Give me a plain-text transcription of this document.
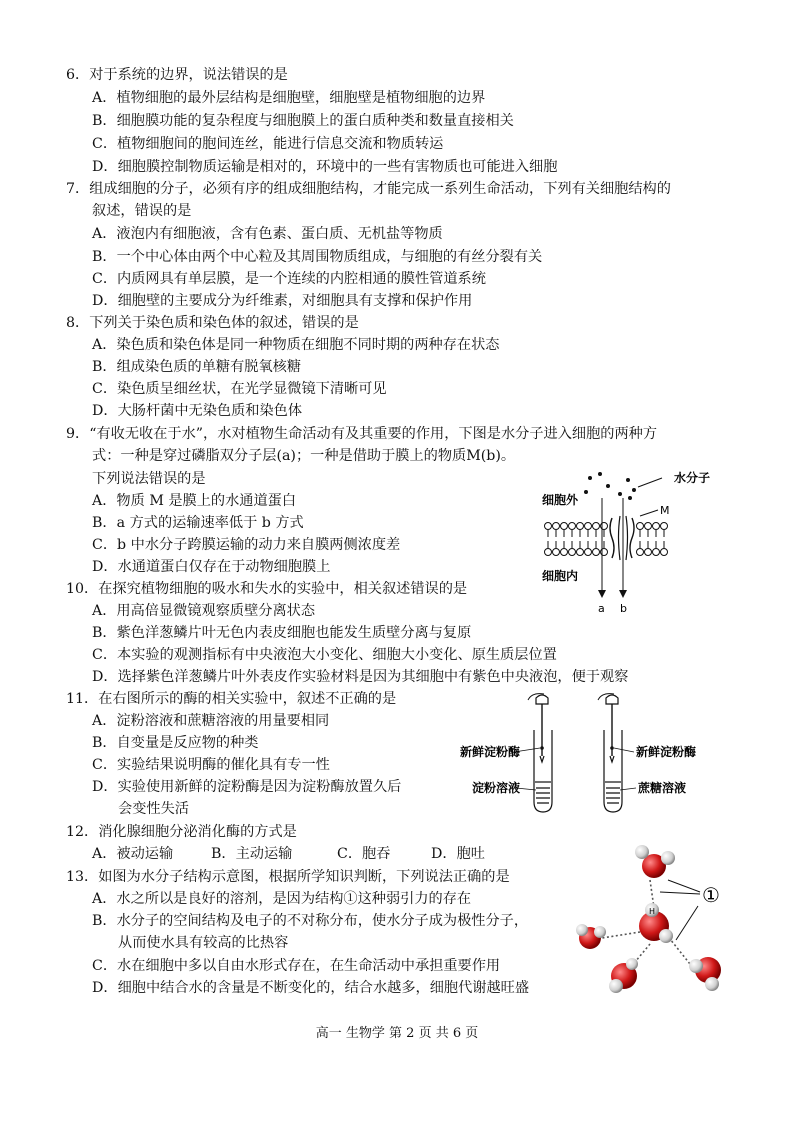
6．对于系统的边界，说法错误的是
A．植物细胞的最外层结构是细胞壁，细胞壁是植物细胞的边界
B．细胞膜功能的复杂程度与细胞膜上的蛋白质种类和数量直接相关
C．植物细胞间的胞间连丝，能进行信息交流和物质转运
D．细胞膜控制物质运输是相对的，环境中的一些有害物质也可能进入细胞
7．组成细胞的分子，必须有序的组成细胞结构，才能完成一系列生命活动，下列有关细胞结构的
叙述，错误的是
A．液泡内有细胞液，含有色素、蛋白质、无机盐等物质
B．一个中心体由两个中心粒及其周围物质组成，与细胞的有丝分裂有关
C．内质网具有单层膜，是一个连续的内腔相通的膜性管道系统
D．细胞壁的主要成分为纤维素，对细胞具有支撑和保护作用
8．下列关于染色质和染色体的叙述，错误的是
A．染色质和染色体是同一种物质在细胞不同时期的两种存在状态
B．组成染色质的单糖有脱氧核糖
C．染色质呈细丝状，在光学显微镜下清晰可见
D．大肠杆菌中无染色质和染色体
9．“有收无收在于水”，水对植物生命活动有及其重要的作用，下图是水分子进入细胞的两种方
式：一种是穿过磷脂双分子层(a)；一种是借助于膜上的物质M(b)。
下列说法错误的是
A．物质 M 是膜上的水通道蛋白
B．a 方式的运输速率低于 b 方式
C．b 中水分子跨膜运输的动力来自膜两侧浓度差
D．水通道蛋白仅存在于动物细胞膜上
水分子
细胞外
细胞内
M
a b
10．在探究植物细胞的吸水和失水的实验中，相关叙述错误的是
A．用高倍显微镜观察质壁分离状态
B．紫色洋葱鳞片叶无色内表皮细胞也能发生质壁分离与复原
C．本实验的观测指标有中央液泡大小变化、细胞大小变化、原生质层位置
D．选择紫色洋葱鳞片叶外表皮作实验材料是因为其细胞中有紫色中央液泡，便于观察
11．在右图所示的酶的相关实验中，叙述不正确的是
A．淀粉溶液和蔗糖溶液的用量要相同
B．自变量是反应物的种类
C．实验结果说明酶的催化具有专一性
D．实验使用新鲜的淀粉酶是因为淀粉酶放置久后
会变性失活
新鲜淀粉酶
淀粉溶液
新鲜淀粉酶
蔗糖溶液
12．消化腺细胞分泌消化酶的方式是
A．被动运输	B．主动运输	C．胞吞	D．胞吐
13．如图为水分子结构示意图，根据所学知识判断，下列说法正确的是
A．水之所以是良好的溶剂，是因为结构①这种弱引力的存在
B．水分子的空间结构及电子的不对称分布，使水分子成为极性分子，
从而使水具有较高的比热容
C．水在细胞中多以自由水形式存在，在生命活动中承担重要作用
D．细胞中结合水的含量是不断变化的，结合水越多，细胞代谢越旺盛
①
H
高一 生物学 第 2 页 共 6 页
